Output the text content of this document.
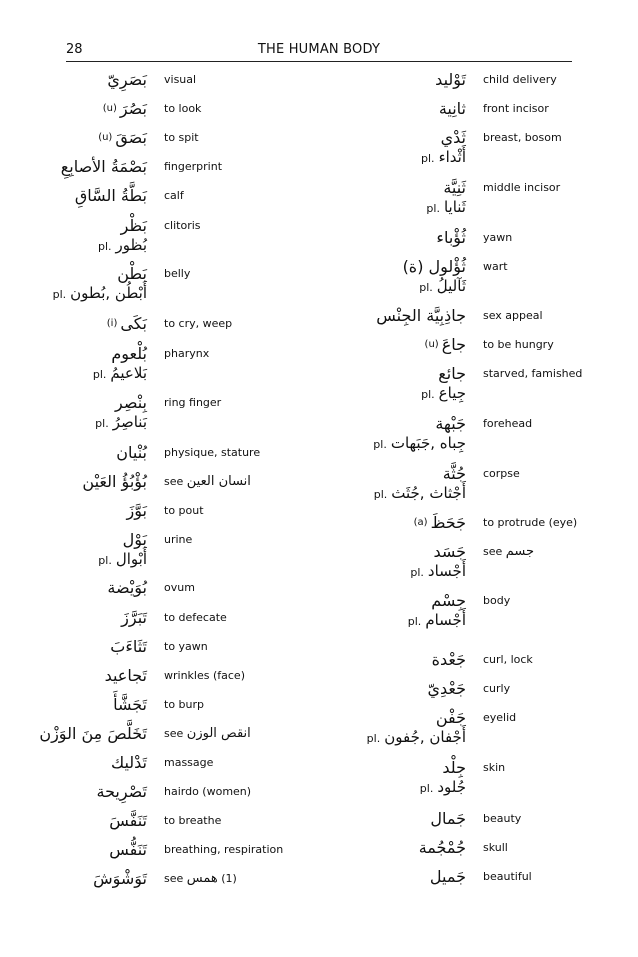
28	THE HUMAN BODY
بَصَرِيّ visual
$^{(u)}$ بَصُرَ to look
$^{(u)}$ بَصَقَ to spit
بَصْمَةُ الأصابِعِ fingerprint
بَطَّةُ السَّاقِ calf
بَظْر clitoris
pl. بُظور
بَطْن belly
pl. أَبْطُن ,بُطون
$^{(i)}$ بَكَى to cry, weep
بُلْعوم pharynx
pl. بَلاعيمُ
بِنْصِر ring finger
pl. بَناصِرُ
بُنْيان physique, stature
بُؤْبُؤُ العَيْن see انسان العين
بَوَّزَ to pout
بَوْل urine
pl. أَبْوال
بُوَيْضة ovum
تَبَرَّزَ to defecate
تَثَاءَبَ to yawn
تَجاعيد wrinkles (face)
تَجَشَّأَ to burp
تَخَلَّصَ مِنَ الوَزْن see انقص الوزن
تَدْليك massage
تَصْرِيحة hairdo (women)
تَنَفَّسَ to breathe
تَنَفُّس breathing, respiration
تَوَشْوَشَ see همس (1)
تَوْليد child delivery
ثانِية front incisor
ثَدْي breast, bosom
pl. أَثْداء
ثَنِيَّة middle incisor
pl. ثَنايا
ثُؤْباء yawn
ثُؤْلول (ة) wart
pl. ثَآليلُ
جاذِبِيَّة الجِنْس sex appeal
$^{(u)}$ جاعَ to be hungry
جائع starved, famished
pl. جِياع
جَبْهة forehead
pl. جِباه ,جَبَهات
جُثَّة corpse
pl. أَجْثاث ,جُثَث
$^{(a)}$ جَحَظَ to protrude (eye)
جَسَد see جسم
pl. أَجْساد
جِسْم body
pl. أَجْسام
جَعْدة curl, lock
جَعْدِيّ curly
جَفْن eyelid
pl. أَجْفان ,جُفون
جِلْد skin
pl. جُلود
جَمال beauty
جُمْجُمة skull
جَميل beautiful
